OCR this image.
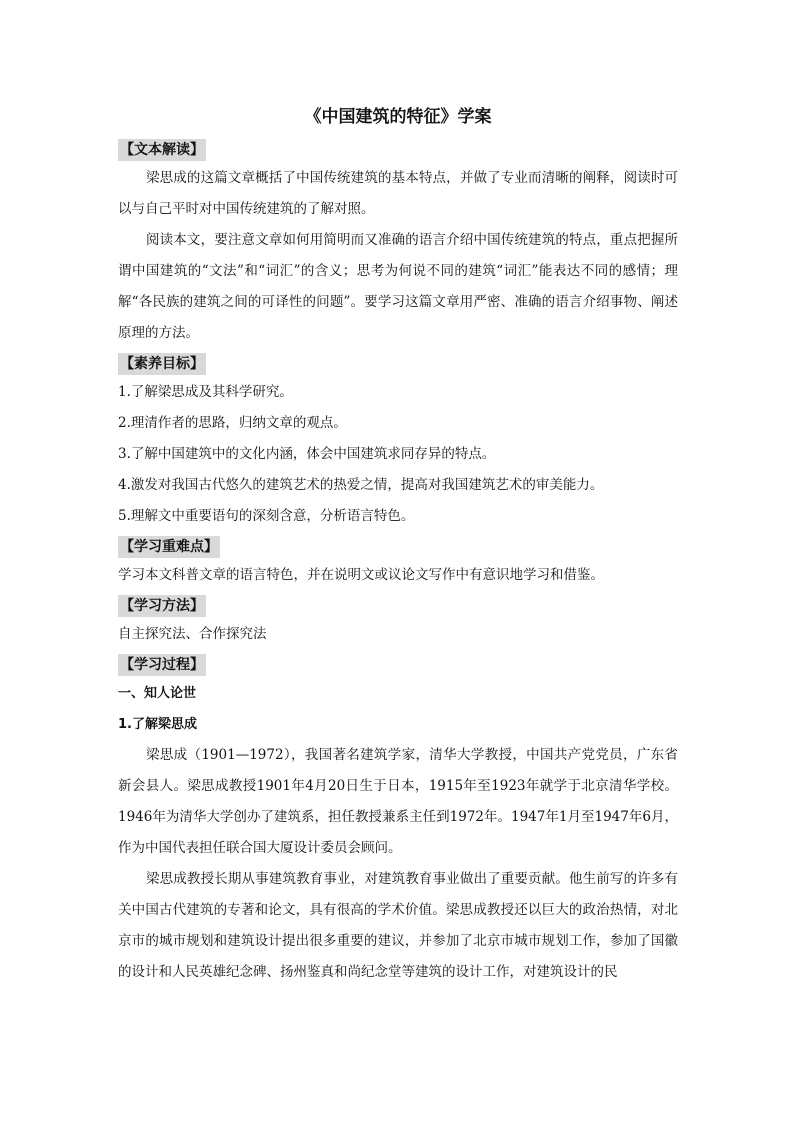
《中国建筑的特征》学案
【文本解读】

梁思成的这篇文章概括了中国传统建筑的基本特点，并做了专业而清晰的阐释，阅读时可以与自己平时对中国传统建筑的了解对照。

阅读本文，要注意文章如何用简明而又准确的语言介绍中国传统建筑的特点，重点把握所谓中国建筑的“文法”和“词汇”的含义；思考为何说不同的建筑“词汇”能表达不同的感情；理解“各民族的建筑之间的可译性的问题”。要学习这篇文章用严密、准确的语言介绍事物、阐述原理的方法。

【素养目标】

1.了解梁思成及其科学研究。

2.理清作者的思路，归纳文章的观点。

3.了解中国建筑中的文化内涵，体会中国建筑求同存异的特点。

4.激发对我国古代悠久的建筑艺术的热爱之情，提高对我国建筑艺术的审美能力。

5.理解文中重要语句的深刻含意，分析语言特色。

【学习重难点】

学习本文科普文章的语言特色，并在说明文或议论文写作中有意识地学习和借鉴。

【学习方法】

自主探究法、合作探究法

【学习过程】

一、知人论世

1.了解梁思成

梁思成（1901—1972），我国著名建筑学家，清华大学教授，中国共产党党员，广东省新会县人。梁思成教授1901年4月20日生于日本，1915年至1923年就学于北京清华学校。1946年为清华大学创办了建筑系，担任教授兼系主任到1972年。1947年1月至1947年6月，作为中国代表担任联合国大厦设计委员会顾问。

梁思成教授长期从事建筑教育事业，对建筑教育事业做出了重要贡献。他生前写的许多有关中国古代建筑的专著和论文，具有很高的学术价值。梁思成教授还以巨大的政治热情，对北京市的城市规划和建筑设计提出很多重要的建议，并参加了北京市城市规划工作，参加了国徽的设计和人民英雄纪念碑、扬州鉴真和尚纪念堂等建筑的设计工作，对建筑设计的民
